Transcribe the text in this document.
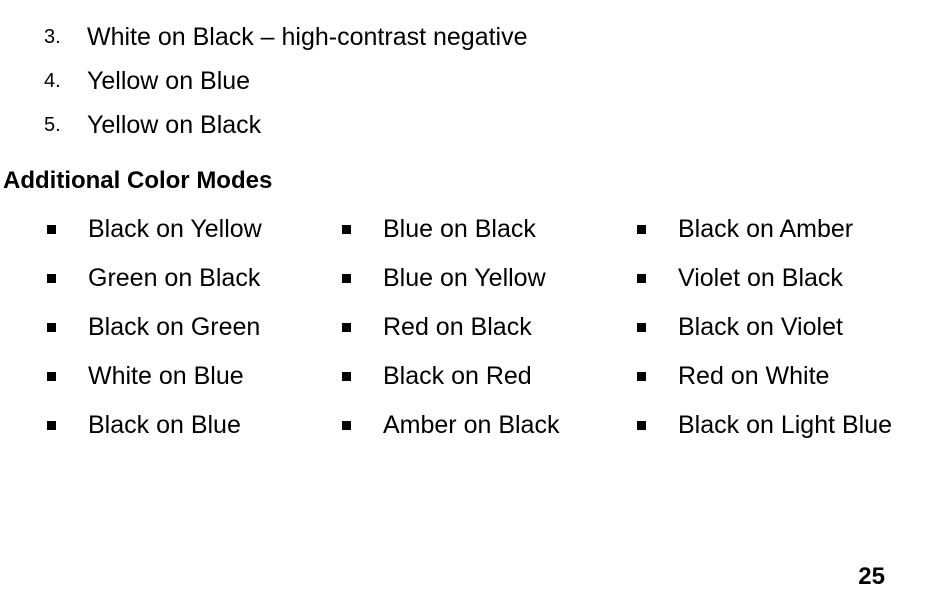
3. White on Black – high-contrast negative
4. Yellow on Blue
5. Yellow on Black
Additional Color Modes
Black on Yellow
Green on Black
Black on Green
White on Blue
Black on Blue
Blue on Black
Blue on Yellow
Red on Black
Black on Red
Amber on Black
Black on Amber
Violet on Black
Black on Violet
Red on White
Black on Light Blue
25
